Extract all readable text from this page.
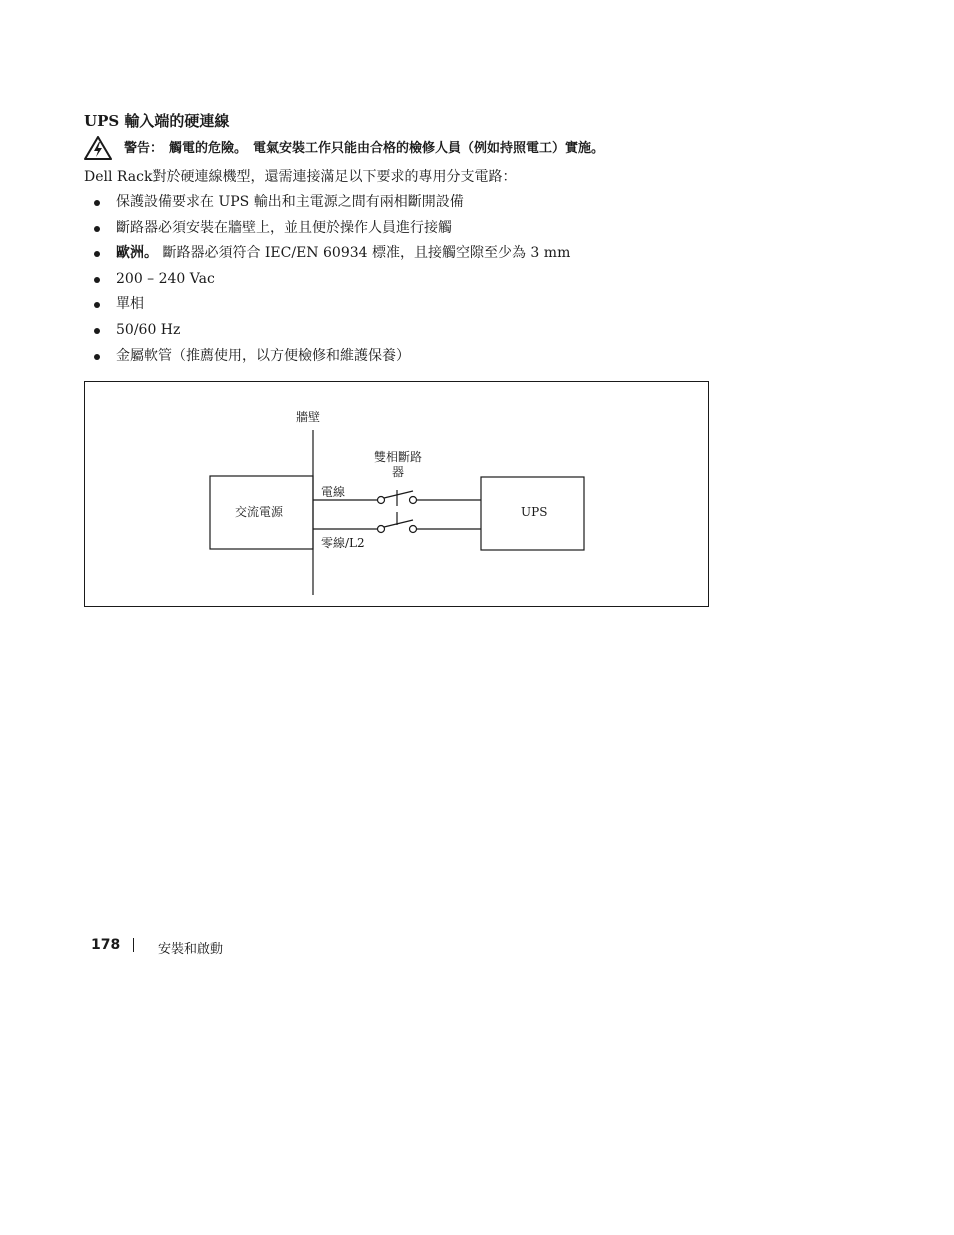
UPS 輸入端的硬連線
警告： 觸電的危險。 電氣安裝工作只能由合格的檢修人員（例如持照電工）實施。
Dell Rack對於硬連線機型，還需連接滿足以下要求的專用分支電路：
保護設備要求在 UPS 輸出和主電源之間有兩相斷開設備
斷路器必須安裝在牆壁上，並且便於操作人員進行接觸
歐洲。 斷路器必須符合 IEC/EN 60934 標准，且接觸空隙至少為 3 mm
200 – 240 Vac
單相
50/60 Hz
金屬軟管（推薦使用，以方便檢修和維護保養）
牆壁
雙相斷路器
電線
零線/L2
交流電源	UPS
178	安裝和啟動
